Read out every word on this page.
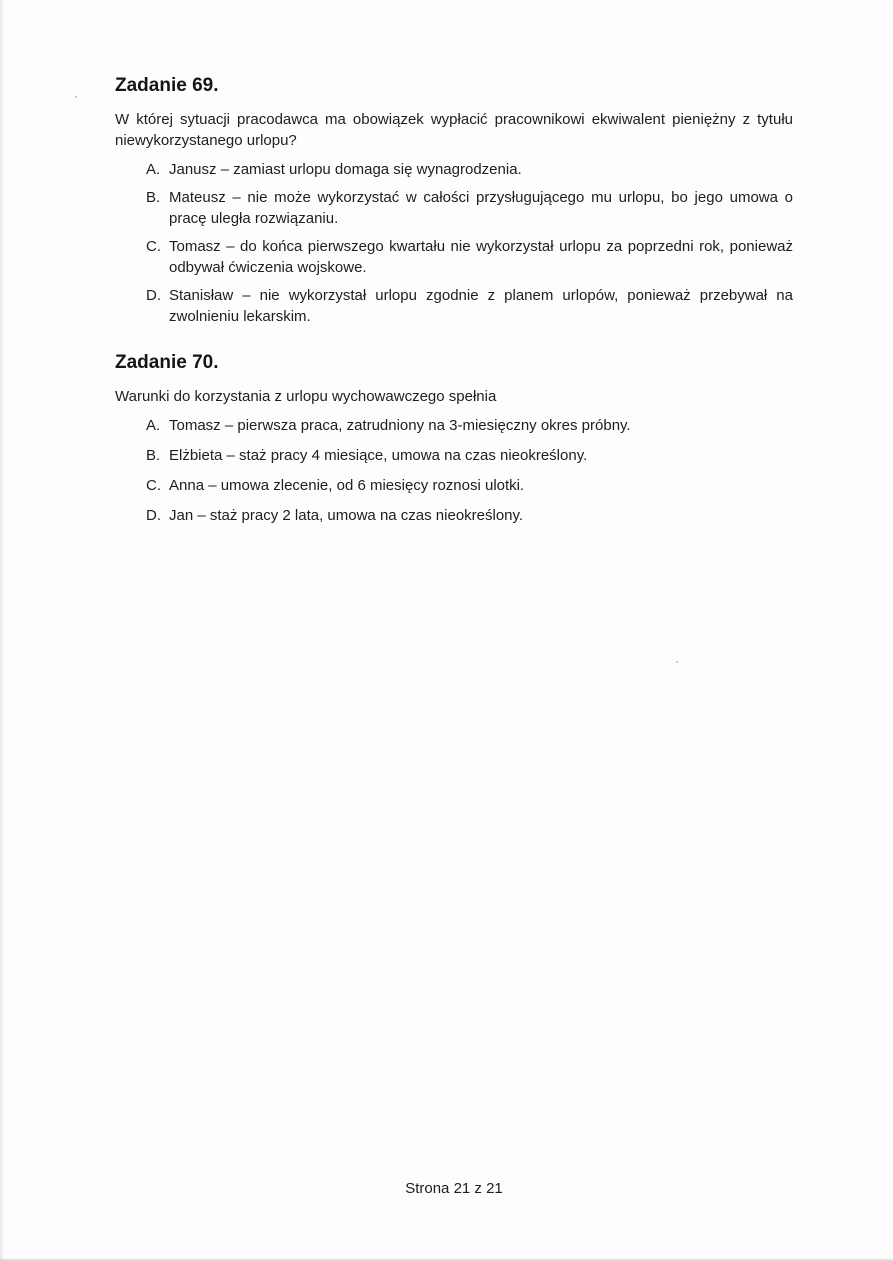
Zadanie 69.

W której sytuacji pracodawca ma obowiązek wypłacić pracownikowi ekwiwalent pieniężny z tytułu niewykorzystanego urlopu?

A. Janusz – zamiast urlopu domaga się wynagrodzenia.
B. Mateusz – nie może wykorzystać w całości przysługującego mu urlopu, bo jego umowa o pracę uległa rozwiązaniu.
C. Tomasz – do końca pierwszego kwartału nie wykorzystał urlopu za poprzedni rok, ponieważ odbywał ćwiczenia wojskowe.
D. Stanisław – nie wykorzystał urlopu zgodnie z planem urlopów, ponieważ przebywał na zwolnieniu lekarskim.
Zadanie 70.

Warunki do korzystania z urlopu wychowawczego spełnia

A. Tomasz – pierwsza praca, zatrudniony na 3-miesięczny okres próbny.
B. Elżbieta – staż pracy 4 miesiące, umowa na czas nieokreślony.
C. Anna – umowa zlecenie, od 6 miesięcy roznosi ulotki.
D. Jan – staż pracy 2 lata, umowa na czas nieokreślony.
Strona 21 z 21
